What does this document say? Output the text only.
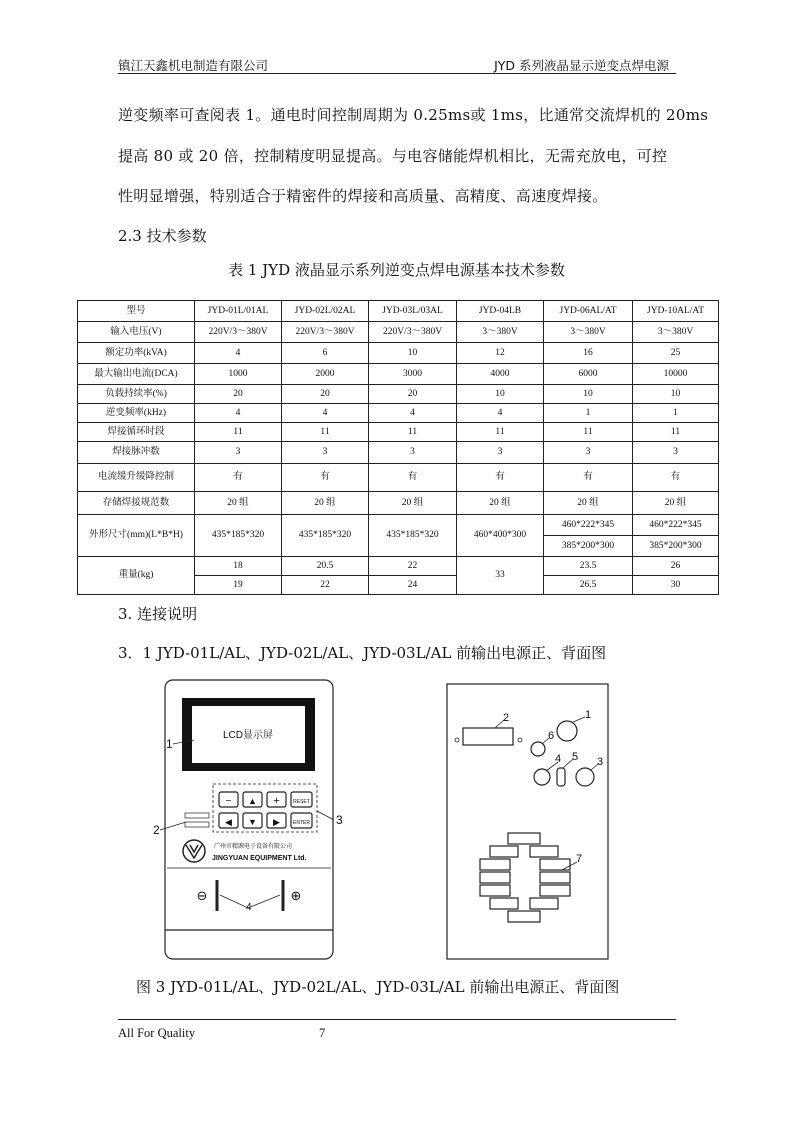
镇江天鑫机电制造有限公司	JYD 系列液晶显示逆变点焊电源
逆变频率可查阅表 1。通电时间控制周期为 0.25ms或 1ms，比通常交流焊机的 20ms
提高 80 或 20 倍，控制精度明显提高。与电容储能焊机相比，无需充放电，可控
性明显增强，特别适合于精密件的焊接和高质量、高精度、高速度焊接。
2.3 技术参数
表 1 JYD 液晶显示系列逆变点焊电源基本技术参数
型号	JYD-01L/01AL	JYD-02L/02AL	JYD-03L/03AL	JYD-04LB	JYD-06AL/AT	JYD-10AL/AT
输入电压(V)	220V/3～380V	220V/3～380V	220V/3～380V	3～380V	3～380V	3～380V
额定功率(kVA)	4	6	10	12	16	25
最大输出电流(DCA)	1000	2000	3000	4000	6000	10000
负载持续率(%)	20	20	20	10	10	10
逆变频率(kHz)	4	4	4	4	1	1
焊接循环时段	11	11	11	11	11	11
焊接脉冲数	3	3	3	3	3	3
电流缓升缓降控制	有	有	有	有	有	有
存储焊接规范数	20 组	20 组	20 组	20 组	20 组	20 组
外形尺寸(mm)(L*B*H)	435*185*320	435*185*320	435*185*320	460*400*300	460*222*345	460*222*345
					385*200*300	385*200*300
重量(kg)	18	20.5	22	33	23.5	26
	19	22	24		26.5	30
3. 连接说明
3．1 JYD-01L/AL、JYD-02L/AL、JYD-03L/AL 前输出电源正、背面图
LCD显示屏
− ▲ +	RESET
◀ ▼ ▶	ENTER
广州市精源电子设备有限公司
JINGYUAN EQUIPMENT Ltd.
⊖	⊕
1
2
3
4
1
2
3
4 5
6
7
图 3 JYD-01L/AL、JYD-02L/AL、JYD-03L/AL 前输出电源正、背面图
All For Quality	7
